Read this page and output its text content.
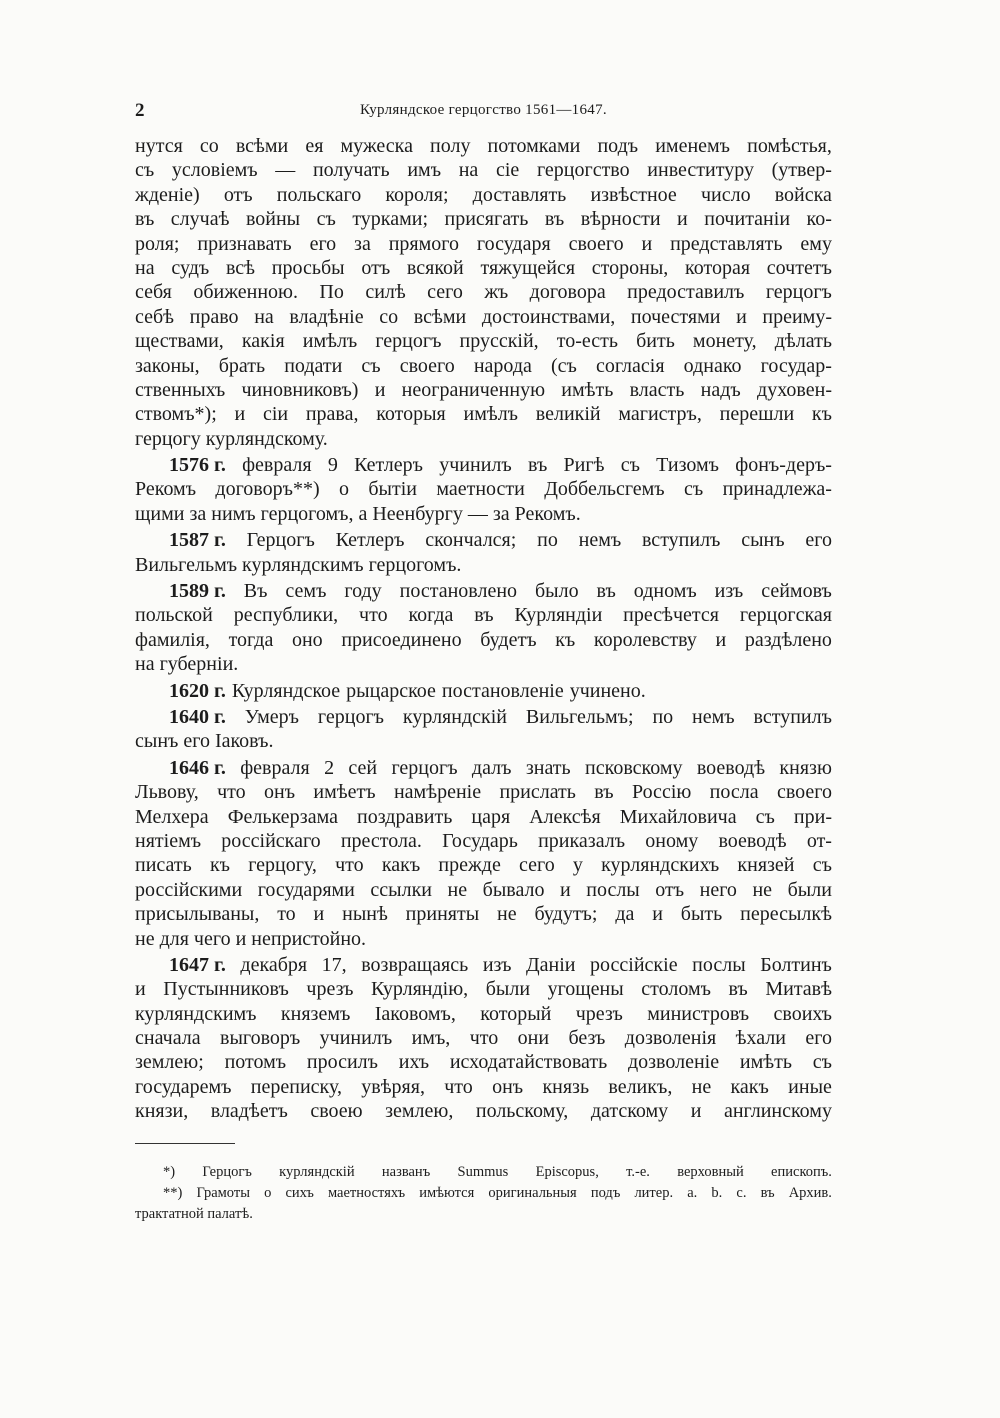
2	Курляндское герцогство 1561—1647.
нутся со всѣми ея мужеска полу потомками подъ именемъ помѣстья,
съ условіемъ — получать имъ на сіе герцогство инвеституру (утвер-
жденіе) отъ польскаго короля; доставлять извѣстное число войска
въ случаѣ войны съ турками; присягать въ вѣрности и почитаніи ко-
роля; признавать его за прямого государя своего и представлять ему
на судъ всѣ просьбы отъ всякой тяжущейся стороны, которая сочтетъ
себя обиженною. По силѣ сего жъ договора предоставилъ герцогъ
себѣ право на владѣніе со всѣми достоинствами, почестями и преиму-
ществами, какія имѣлъ герцогъ прусскій, то-есть бить монету, дѣлать
законы, брать подати съ своего народа (съ согласія однако государ-
ственныхъ чиновниковъ) и неограниченную имѣть власть надъ духовен-
ствомъ*); и сіи права, которыя имѣлъ великій магистръ, перешли къ
герцогу курляндскому.
1576 г. февраля 9 Кетлеръ учинилъ въ Ригѣ съ Тизомъ фонъ-деръ-
Рекомъ договоръ**) о бытіи маетности Доббельсгемъ съ принадлежа-
щими за нимъ герцогомъ, а Неенбургу — за Рекомъ.
1587 г. Герцогъ Кетлеръ скончался; по немъ вступилъ сынъ его
Вильгельмъ курляндскимъ герцогомъ.
1589 г. Въ семъ году постановлено было въ одномъ изъ сеймовъ
польской республики, что когда въ Курляндіи пресѣчется герцогская
фамилія, тогда оно присоединено будетъ къ королевству и раздѣлено
на губерніи.
1620 г. Курляндское рыцарское постановленіе учинено.
1640 г. Умеръ герцогъ курляндскій Вильгельмъ; по немъ вступилъ
сынъ его Іаковъ.
1646 г. февраля 2 сей герцогъ далъ знать псковскому воеводѣ князю
Львову, что онъ имѣетъ намѣреніе прислать въ Россію посла своего
Мелхера Фелькерзама поздравить царя Алексѣя Михайловича съ при-
нятіемъ россійскаго престола. Государь приказалъ оному воеводѣ от-
писать къ герцогу, что какъ прежде сего у курляндскихъ князей съ
россійскими государями ссылки не бывало и послы отъ него не были
присылываны, то и нынѣ приняты не будутъ; да и быть пересылкѣ
не для чего и непристойно.
1647 г. декабря 17, возвращаясь изъ Даніи россійскіе послы Болтинъ
и Пустынниковъ чрезъ Курляндію, были угощены столомъ въ Митавѣ
курляндскимъ княземъ Іаковомъ, который чрезъ министровъ своихъ
сначала выговоръ учинилъ имъ, что они безъ дозволенія ѣхали его
землею; потомъ просилъ ихъ исходатайствовать дозволеніе имѣть съ
государемъ переписку, увѣряя, что онъ князь великъ, не какъ иные
князи, владѣетъ своею землею, польскому, датскому и англинскому
*) Герцогъ курляндскій названъ Summus Episcopus, т.-е. верховный епископъ.
**) Грамоты о сихъ маетностяхъ имѣются оригинальныя подъ литер. a. b. c. въ Архив.
трактатной палатѣ.
